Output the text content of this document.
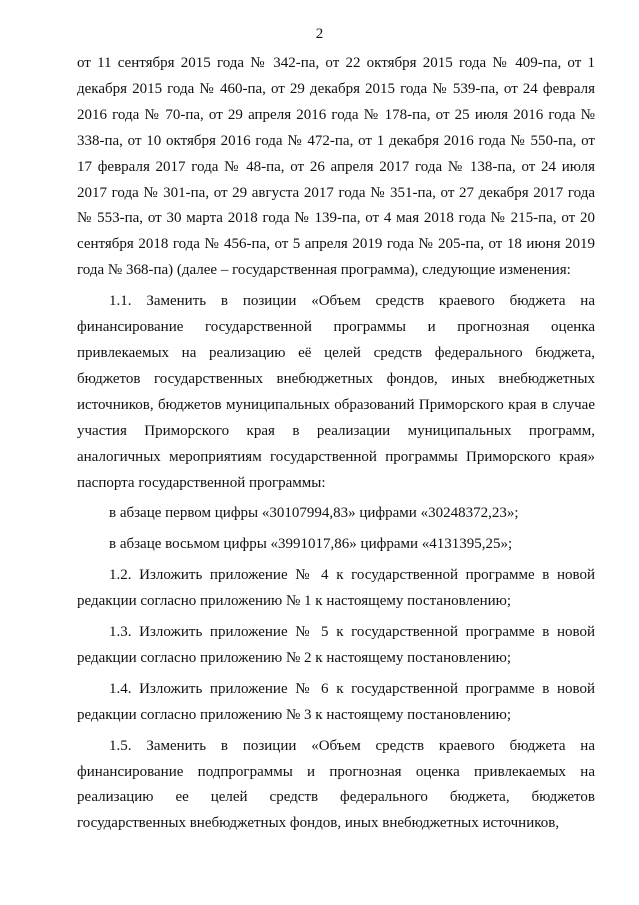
2

от 11 сентября 2015 года № 342-па, от 22 октября 2015 года № 409-па, от 1 декабря 2015 года № 460-па, от 29 декабря 2015 года № 539-па, от 24 февраля 2016 года № 70-па, от 29 апреля 2016 года № 178-па, от 25 июля 2016 года № 338-па, от 10 октября 2016 года № 472-па, от 1 декабря 2016 года № 550-па, от 17 февраля 2017 года № 48-па, от 26 апреля 2017 года № 138-па, от 24 июля 2017 года № 301-па, от 29 августа 2017 года № 351-па, от 27 декабря 2017 года № 553-па, от 30 марта 2018 года № 139-па, от 4 мая 2018 года № 215-па, от 20 сентября 2018 года № 456-па, от 5 апреля 2019 года № 205-па, от 18 июня 2019 года № 368-па) (далее – государственная программа), следующие изменения:

1.1. Заменить в позиции «Объем средств краевого бюджета на финансирование государственной программы и прогнозная оценка привлекаемых на реализацию её целей средств федерального бюджета, бюджетов государственных внебюджетных фондов, иных внебюджетных источников, бюджетов муниципальных образований Приморского края в случае участия Приморского края в реализации муниципальных программ, аналогичных мероприятиям государственной программы Приморского края» паспорта государственной программы:

в абзаце первом цифры «30107994,83» цифрами «30248372,23»;

в абзаце восьмом цифры «3991017,86» цифрами «4131395,25»;

1.2. Изложить приложение № 4 к государственной программе в новой редакции согласно приложению № 1 к настоящему постановлению;

1.3. Изложить приложение № 5 к государственной программе в новой редакции согласно приложению № 2 к настоящему постановлению;

1.4. Изложить приложение № 6 к государственной программе в новой редакции согласно приложению № 3 к настоящему постановлению;

1.5. Заменить в позиции «Объем средств краевого бюджета на финансирование подпрограммы и прогнозная оценка привлекаемых на реализацию ее целей средств федерального бюджета, бюджетов государственных внебюджетных фондов, иных внебюджетных источников,
